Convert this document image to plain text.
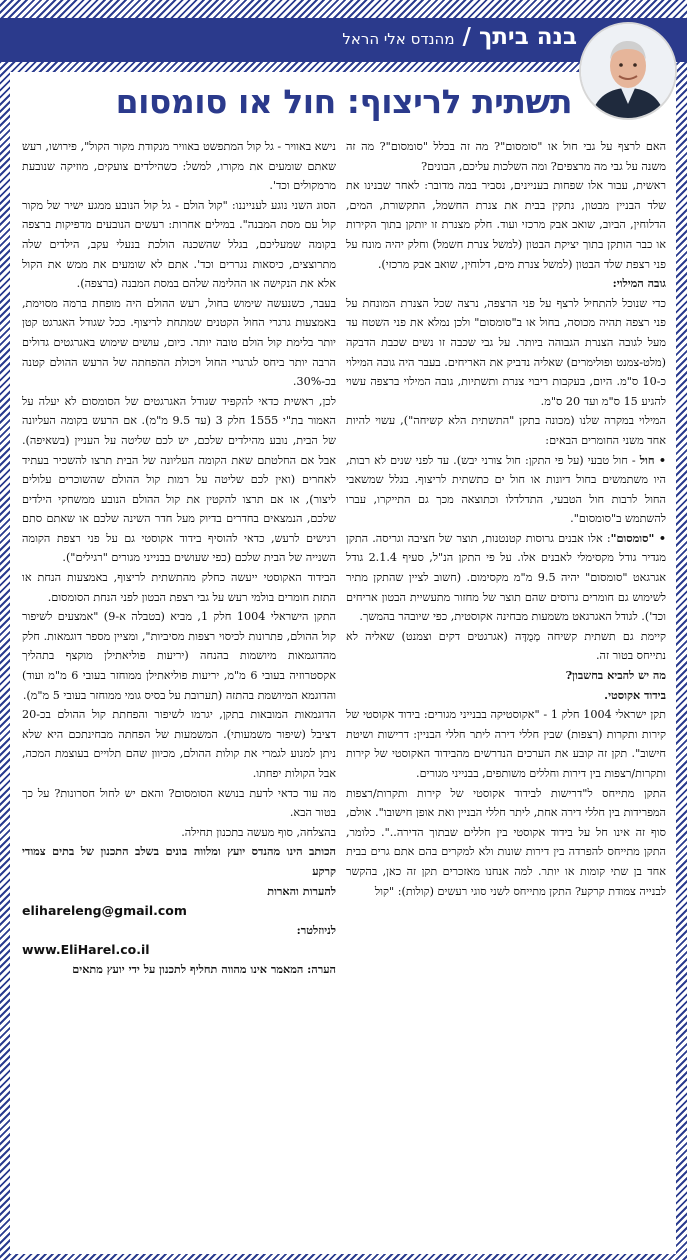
בנה ביתך
/
מהנדס אלי הראל
תשתית לריצוף: חול או סומסום

האם לרצף על גבי חול או "סומסום"? מה זה בכלל "סומסום"? מה זה משנה על גבי מה מרצפים? ומה השלכות עליכם, הבונים?

ראשית, עבור אלו שפחות בעניינים, נסביר במה מדובר: לאחר שבנינו את שלד הבניין מבטון, נתקין בבית את צנרת החשמל, התקשורת, המים, הדלוחין, הביוב, שואב אבק מרכזי ועוד. חלק מצנרת זו יותקן בתוך הקירות או כבר הותקן בתוך יציקת הבטון (למשל צנרת חשמל) וחלק יהיה מונח על פני רצפת שלד הבטון (למשל צנרת מים, דלוחין, שואב אבק מרכזי).

גובה המילוי:

כדי שנוכל להתחיל לרצף על פני הרצפה, נרצה שכל הצנרת המונחת על פני רצפה תהיה מכוסה, בחול או ב"סומסום" ולכן נמלא את פני השטח עד מעל לגובה הצנרת הגבוהה ביותר. על גבי שכבה זו נשים שכבת הדבקה (מלט-צמנט ופולימרים) שאליה נדביק את האריחים. בעבר היה גובה המילוי כ-10 ס"מ. היום, בעקבות ריבוי צנרת ותשתיות, גובה המילוי ברצפה עשוי להגיע 15 ס"מ ועד 20 ס"מ.

המילוי במקרה שלנו (מכונה בתקן "התשתית הלא קשיחה"), עשוי להיות אחד משני החומרים הבאים:

• חול - חול טבעי (על פי התקן: חול צורני יבש). עד לפני שנים לא רבות, היו משתמשים בחול דיונות או חול ים כתשתית לריצוף. בגלל שמשאבי החול לרבות חול הטבעי, התדלדלו וכתוצאה מכך גם התייקרו, עברו להשתמש ב"סומסום".

• "סומסום": אלו אבנים גרוסות קטנטנות, תוצר של חציבה וגריסה. התקן מגדיר גודל מקסימלי לאבנים אלו. על פי התקן הנ"ל, סעיף 2.1.4 גודל אגרגאט "סומסום" יהיה 9.5 מ"מ מקסימום. (חשוב לציין שהתקן מתיר לשימוש גם חומרים גרוסים שהם תוצר של מחזור מתעשיית הבטון אריחים וכד'). לגודל האגרגאט משמעות מבחינה אקוסטית, כפי שיובהר בהמשך.

קיימת גם תשתית קשיחה מְמֻדָּה (אגרגטים דקים וצמנט) שאליה לא נתייחס בטור זה.

מה יש להביא בחשבון?

בידוד אקוסטי.

תקן ישראלי 1004 חלק 1 - "אקוסטיקה בבנייני מגורים: בידוד אקוסטי של קירות ותקרות (רצפות) שבין חללי דירה ליתר חללי הבניין: דרישות ושיטת חישוב". תקן זה קובע את הערכים הנדרשים מהבידוד האקוסטי של קירות ותקרות/רצפות בין דירות וחללים משותפים, בבנייני מגורים.

התקן מתייחס ל"דרישות לבידוד אקוסטי של קירות ותקרות/רצפות המפרידות בין חללי דירה אחת, ליתר חללי הבניין ואת אופן חישובו". אולם, סוף זה אינו חל על בידוד אקוסטי בין חללים שבתוך הדירה..". כלומר, התקן מתייחס להפרדה בין דירות שונות ולא למקרים בהם אתם גרים בבית אחד בן שתי קומות או יותר. למה אנחנו מאזכרים תקן זה כאן, בהקשר לבנייה צמודת קרקע? התקן מתייחס לשני סוגי רעשים (קולות): "קול

נישא באוויר - גל קול המתפשט באוויר מנקודת מקור הקול", פירושו, רעש שאתם שומעים את מקורו, למשל: כשהילדים צועקים, מוזיקה שנובעת מרמקולים וכד'.

הסוג השני נוגע לענייננו: "קול הולם - גל קול הנובע ממגע ישיר של מקור קול עם מסת המבנה". במילים אחרות: רעשים הנובעים מדפיקות ברצפה בקומה שמעליכם, בגלל שהשכנה הולכת בנעלי עקב, הילדים שלה מתרוצצים, כיסאות נגררים וכד'. אתם לא שומעים את ממש את הקול אלא את הנקישה או ההלימה שלהם במסת המבנה (ברצפה).

בעבר, כשנעשה שימוש בחול, רעש ההולם היה מופחת ברמה מסוימת, באמצעות גרגרי החול הקטנים שמתחת לריצוף. ככל שגודל האגרגט קטן יותר בלימת קול הולם טובה יותר. כיום, עושים שימוש באגרגטים גדולים הרבה יותר ביחס לגרגרי החול ויכולת ההפחתה של הרעש ההולם קטנה בכ-30%.

לכן, ראשית כדאי להקפיד שגודל האגרגטים של הסומסום לא יעלה על האמור בת"י 1555 חלק 3 (עד 9.5 מ"מ). אם הרעש בקומה העליונה של הבית, נובע מהילדים שלכם, יש לכם שליטה על העניין (בשאיפה). אבל אם החלטתם שאת הקומה העליונה של הבית תרצו להשכיר בעתיד לאחרים (ואין לכם שליטה על רמות קול ההולם שהשוכרים עלולים ליצור), או אם תרצו להקטין את קול ההולם הנובע ממשחקי הילדים שלכם, הנמצאים בחדרים בדיוק מעל חדר השינה שלכם או שאתם סתם רגישים לרעש, כדאי להוסיף בידוד אקוסטי גם על פני רצפת הקומה השנייה של הבית שלכם (כפי שעושים בבנייני מגורים "רגילים").

הבידוד האקוסטי ייעשה כחלק מהתשתית לריצוף, באמצעות הנחת או התזת חומרים בולמי רעש על גבי רצפת הבטון לפני הנחת הסומסום.

התקן הישראלי 1004 חלק 1, מביא (בטבלה א-9) "אמצעים לשיפור קול ההולם, פתרונות לכיסוי רצפות מסיביות", ומציין מספר דוגמאות. חלק מהדוגמאות מיושמות בהנחה (יריעות פוליאתילן מוקצף בתהליך אקסטרוזיה בעובי 6 מ"מ, יריעות פוליאתילן ממוחזר בעובי 6 מ"מ ועוד) והדוגמא המיושמת בהתזה (תערובת על בסיס גומי ממוחזר בעובי 5 מ"מ).

הדוגמאות המובאות בתקן, יגרמו לשיפור והפחתת קול ההולם בכ-20 דציבל (שיפור משמעותי). המשמעות של הפחתה מבחינתכם היא שלא ניתן למנוע לגמרי את קולות ההולם, מכיוון שהם תלויים בעוצמת המכה, אבל הקולות יפחתו.

מה עוד כדאי לדעת בנושא הסומסום? והאם יש לחול חסרונות? על כך בטור הבא.

בהצלחה, סוף מעשה בתכנון תחילה.

הכותב הינו מהנדס יועץ ומלווה בונים בשלב התכנון של בתים צמודי קרקע

להערות והארות

eliharelеng@gmail.com

לניוזלטר:

www.EliHarel.co.il

הערה: המאמר אינו מהווה תחליף לתכנון על ידי יועץ מתאים
